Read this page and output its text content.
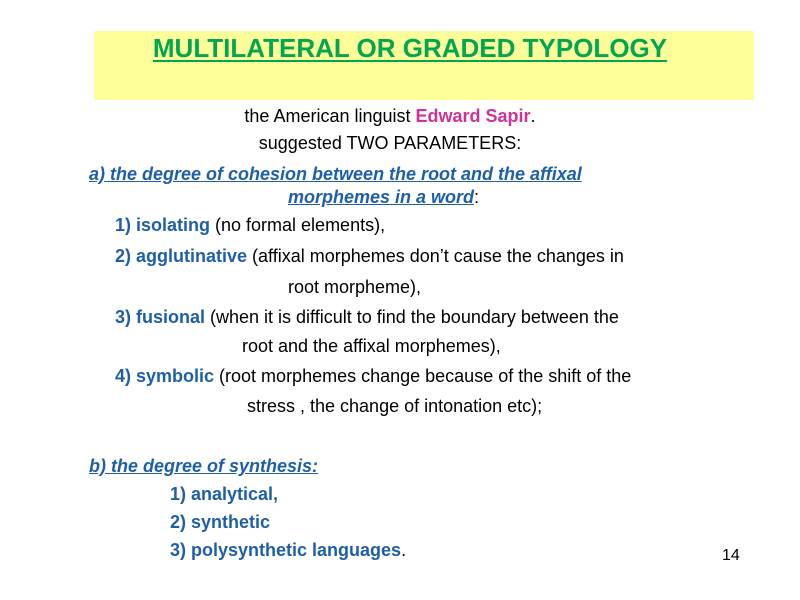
MULTILATERAL OR GRADED TYPOLOGY
the American linguist Edward Sapir.
suggested TWO PARAMETERS:
a) the degree of cohesion between the root and the affixal
morphemes in a word:
1) isolating (no formal elements),
2) agglutinative (affixal morphemes don’t cause the changes in
root morpheme),
3) fusional (when it is difficult to find the boundary between the
root and the affixal morphemes),
4) symbolic (root morphemes change because of the shift of the
stress , the change of intonation etc);
b) the degree of synthesis:
1) analytical,
2) synthetic
3) polysynthetic languages.	14
